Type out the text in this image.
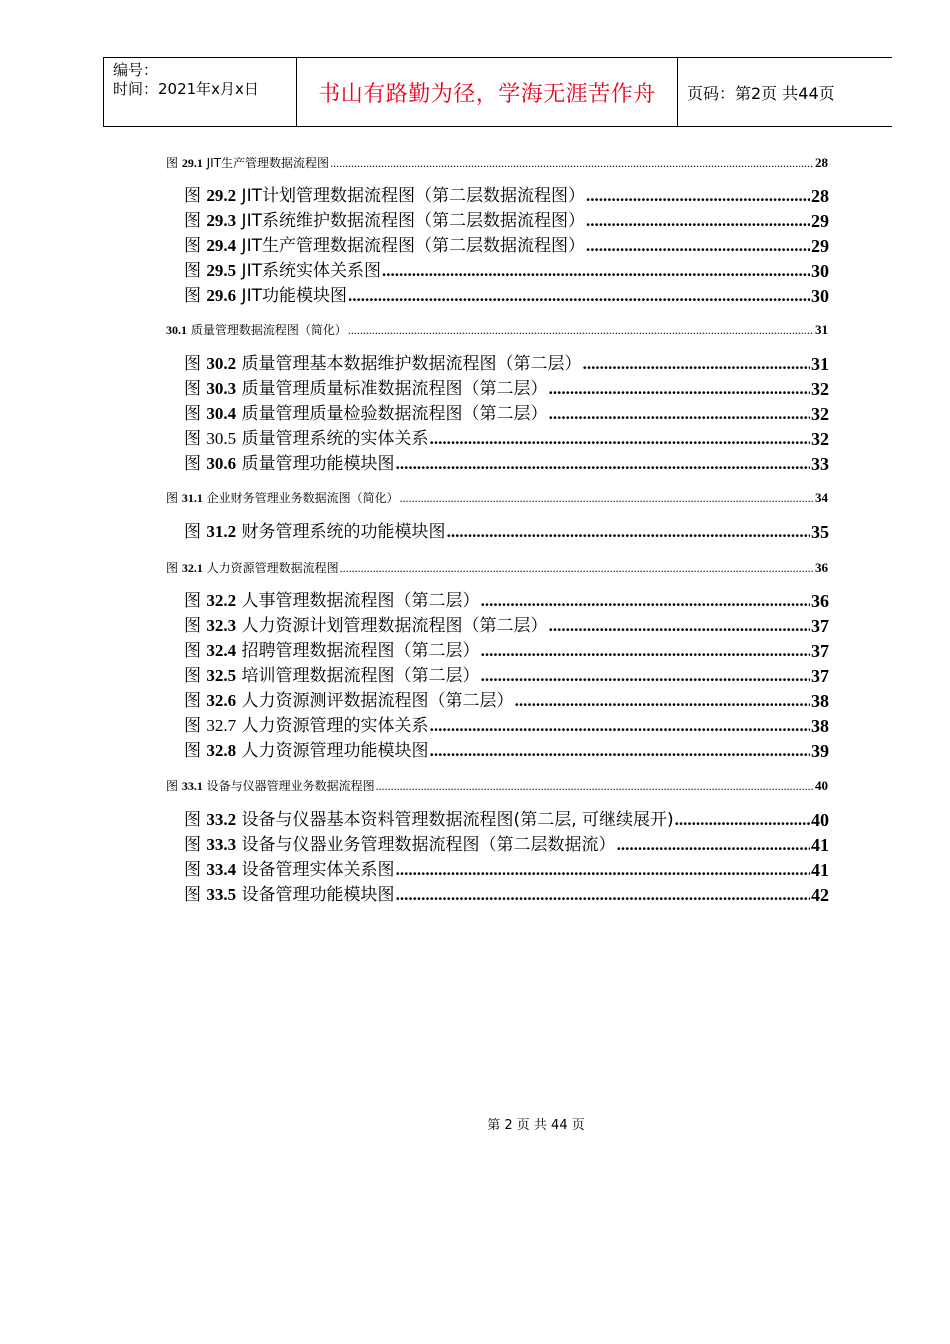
编号：
时间：2021年x月x日	书山有路勤为径，学海无涯苦作舟 页码：第2页 共44页
图 29.1 JIT生产管理数据流程图 .....	28
图 29.2 JIT计划管理数据流程图（第二层数据流程图） .....	28
图 29.3 JIT系统维护数据流程图（第二层数据流程图） .....	29
图 29.4 JIT生产管理数据流程图（第二层数据流程图） .....	29
图 29.5 JIT系统实体关系图 .....	30
图 29.6 JIT功能模块图 .....	30
30.1 质量管理数据流程图（简化） .....	31
图 30.2 质量管理基本数据维护数据流程图（第二层） .....	31
图 30.3 质量管理质量标准数据流程图（第二层） .....	32
图 30.4 质量管理质量检验数据流程图（第二层） .....	32
图 30.5 质量管理系统的实体关系 .....	32
图 30.6 质量管理功能模块图 .....	33
图 31.1 企业财务管理业务数据流图（简化） .....	34
图 31.2 财务管理系统的功能模块图 .....	35
图 32.1 人力资源管理数据流程图 .....	36
图 32.2 人事管理数据流程图（第二层） .....	36
图 32.3 人力资源计划管理数据流程图（第二层） .....	37
图 32.4 招聘管理数据流程图（第二层） .....	37
图 32.5 培训管理数据流程图（第二层） .....	37
图 32.6 人力资源测评数据流程图（第二层） .....	38
图 32.7 人力资源管理的实体关系 .....	38
图 32.8 人力资源管理功能模块图 .....	39
图 33.1 设备与仪器管理业务数据流程图 .....	40
图 33.2 设备与仪器基本资料管理数据流程图(第二层, 可继续展开) .....	40
图 33.3 设备与仪器业务管理数据流程图（第二层数据流） .....	41
图 33.4 设备管理实体关系图 .....	41
图 33.5 设备管理功能模块图 .....	42
第 2 页 共 44 页
